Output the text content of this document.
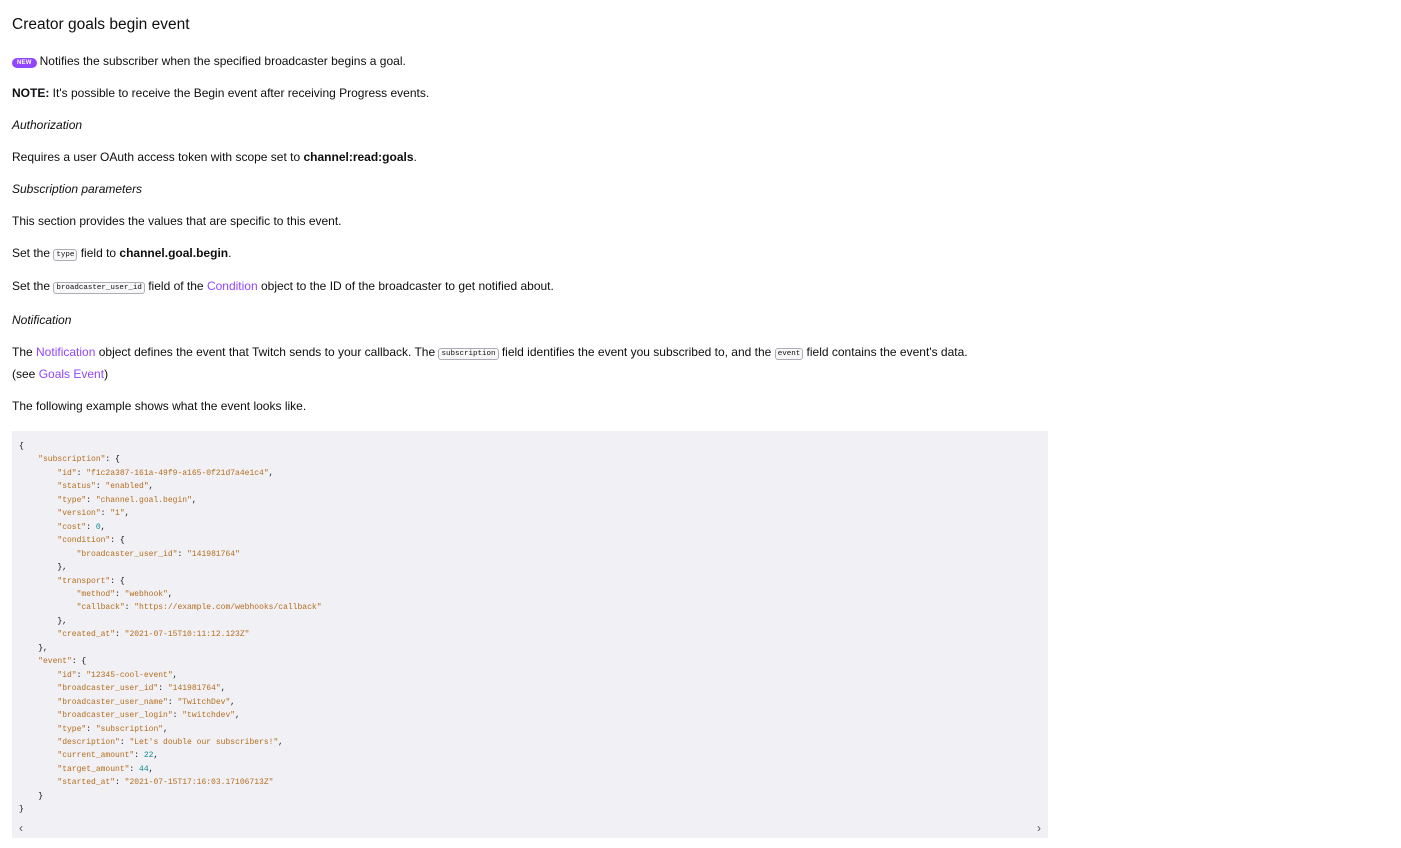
Creator goals begin event

NEW Notifies the subscriber when the specified broadcaster begins a goal.

NOTE: It's possible to receive the Begin event after receiving Progress events.

Authorization

Requires a user OAuth access token with scope set to channel:read:goals.

Subscription parameters

This section provides the values that are specific to this event.

Set the type field to channel.goal.begin.

Set the broadcaster_user_id field of the Condition object to the ID of the broadcaster to get notified about.

Notification

The Notification object defines the event that Twitch sends to your callback. The subscription field identifies the event you subscribed to, and the event field contains the event's data.

(see Goals Event)

The following example shows what the event looks like.

{
"subscription": {
"id": "f1c2a387-161a-49f9-a165-0f21d7a4e1c4",
"status": "enabled",
"type": "channel.goal.begin",
"version": "1",
"cost": 0,
"condition": {
"broadcaster_user_id": "141981764"
},
"transport": {
"method": "webhook",
"callback": "https://example.com/webhooks/callback"
},
"created_at": "2021-07-15T10:11:12.123Z"
},
"event": {
"id": "12345-cool-event",
"broadcaster_user_id": "141981764",
"broadcaster_user_name": "TwitchDev",
"broadcaster_user_login": "twitchdev",
"type": "subscription",
"description": "Let's double our subscribers!",
"current_amount": 22,
"target_amount": 44,
"started_at": "2021-07-15T17:16:03.17106713Z"
}
}
‹	›
